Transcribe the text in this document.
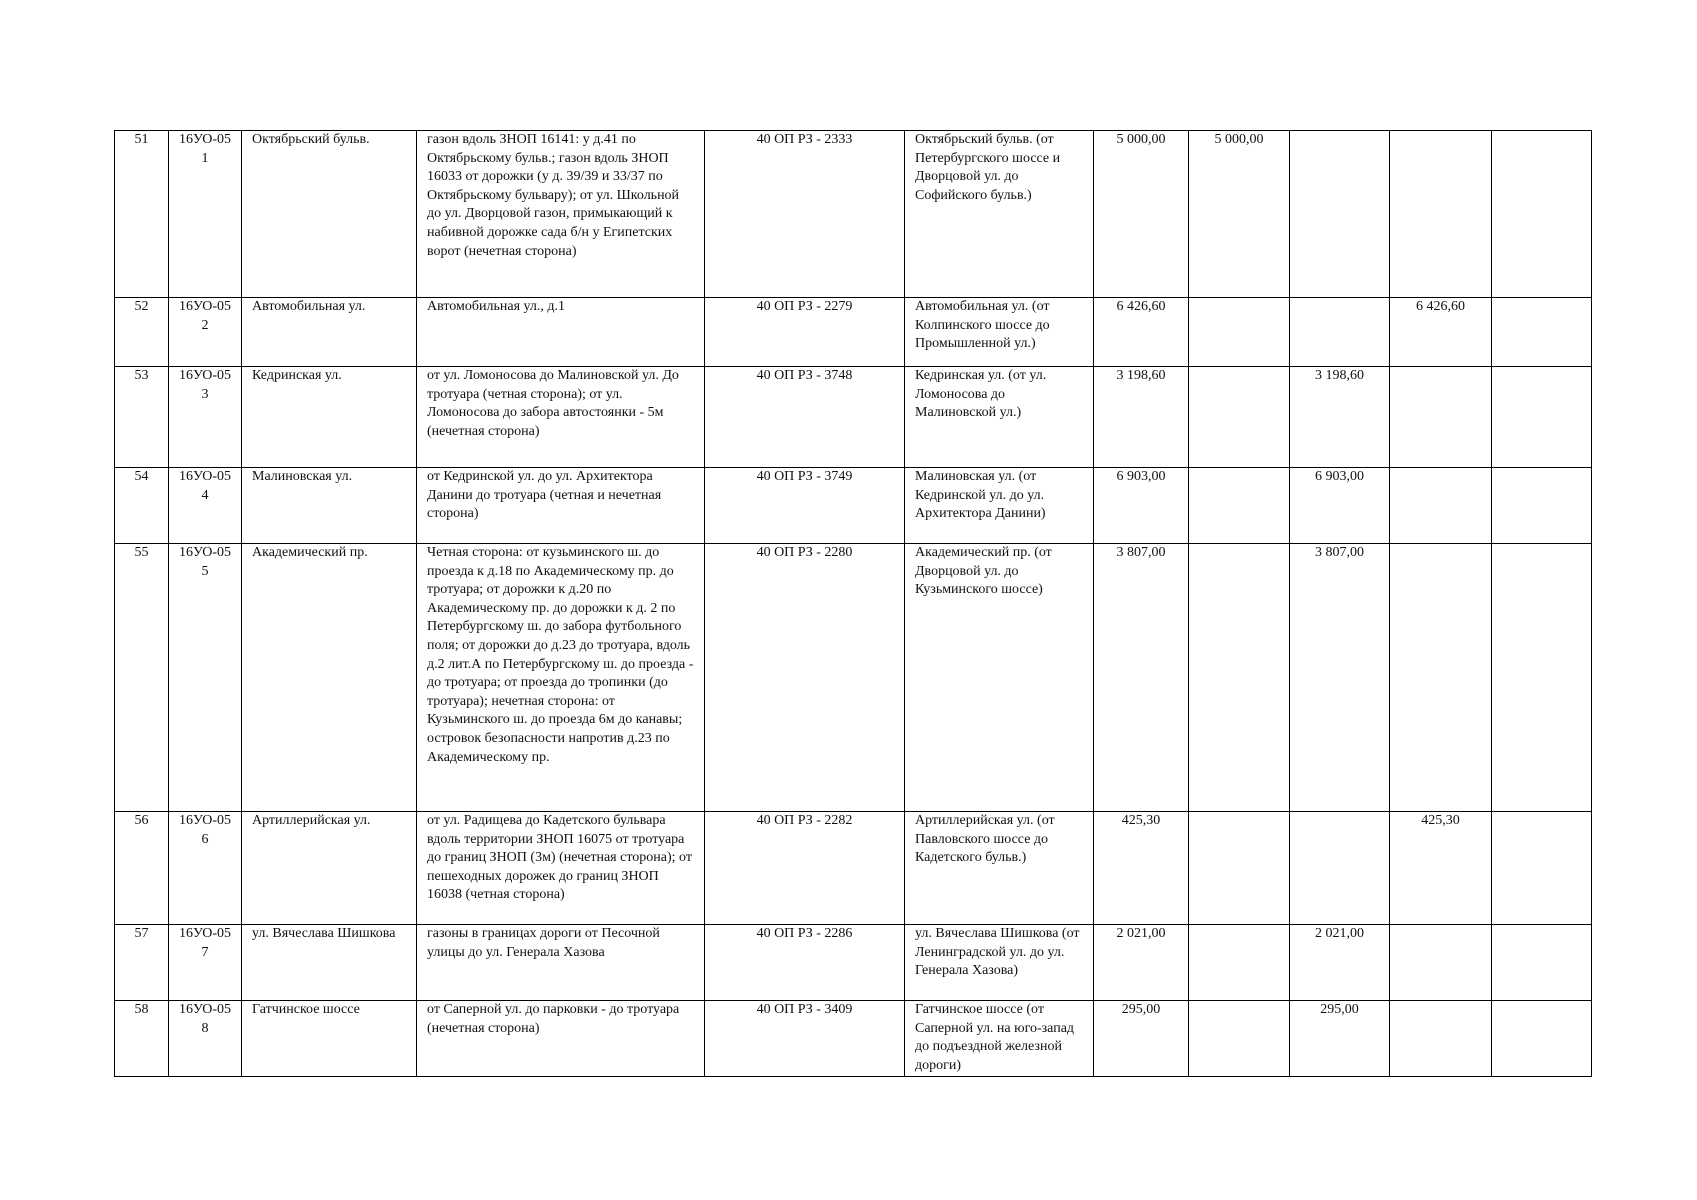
51	16УО-051	Октябрьский бульв.	газон вдоль ЗНОП 16141: у д.41 по Октябрьскому бульв.; газон вдоль ЗНОП 16033 от дорожки (у д. 39/39 и 33/37 по Октябрьскому бульвару); от ул. Школьной до ул. Дворцовой газон, примыкающий к набивной дорожке сада б/н у Египетских ворот (нечетная сторона)	40 ОП РЗ - 2333	Октябрьский бульв. (от Петербургского шоссе и Дворцовой ул. до Софийского бульв.)	5 000,00	5 000,00			
52	16УО-052	Автомобильная ул.	Автомобильная ул., д.1	40 ОП РЗ - 2279	Автомобильная ул. (от Колпинского шоссе до Промышленной ул.)	6 426,60			6 426,60	
53	16УО-053	Кедринская ул.	от ул. Ломоносова до Малиновской ул. До тротуара (четная сторона); от ул. Ломоносова до забора автостоянки - 5м (нечетная сторона)	40 ОП РЗ - 3748	Кедринская ул. (от ул. Ломоносова до Малиновской ул.)	3 198,60		3 198,60		
54	16УО-054	Малиновская ул.	от Кедринской ул. до ул. Архитектора Данини до тротуара (четная и нечетная сторона)	40 ОП РЗ - 3749	Малиновская ул. (от Кедринской ул. до ул. Архитектора Данини)	6 903,00		6 903,00		
55	16УО-055	Академический пр.	Четная сторона: от кузьминского ш. до проезда к д.18 по Академическому пр. до тротуара; от дорожки к д.20 по Академическому пр. до дорожки к д. 2 по Петербургскому ш. до забора футбольного поля; от дорожки до д.23 до тротуара, вдоль д.2 лит.А по Петербургскому ш. до проезда - до тротуара; от проезда до тропинки (до тротуара); нечетная сторона: от Кузьминского ш. до проезда 6м до канавы; островок безопасности напротив д.23 по Академическому пр.	40 ОП РЗ - 2280	Академический пр. (от Дворцовой ул. до Кузьминского шоссе)	3 807,00		3 807,00		
56	16УО-056	Артиллерийская ул.	от ул. Радищева до Кадетского бульвара вдоль территории ЗНОП 16075 от тротуара до границ ЗНОП (3м) (нечетная сторона); от пешеходных дорожек до границ ЗНОП 16038 (четная сторона)	40 ОП РЗ - 2282	Артиллерийская ул. (от Павловского шоссе до Кадетского бульв.)	425,30			425,30	
57	16УО-057	ул. Вячеслава Шишкова	газоны в границах дороги от Песочной улицы до ул. Генерала Хазова	40 ОП РЗ - 2286	ул. Вячеслава Шишкова (от Ленинградской ул. до ул. Генерала Хазова)	2 021,00		2 021,00		
58	16УО-058	Гатчинское шоссе	от Саперной ул. до парковки - до тротуара (нечетная сторона)	40 ОП РЗ - 3409	Гатчинское шоссе (от Саперной ул. на юго-запад до подъездной железной дороги)	295,00		295,00		
